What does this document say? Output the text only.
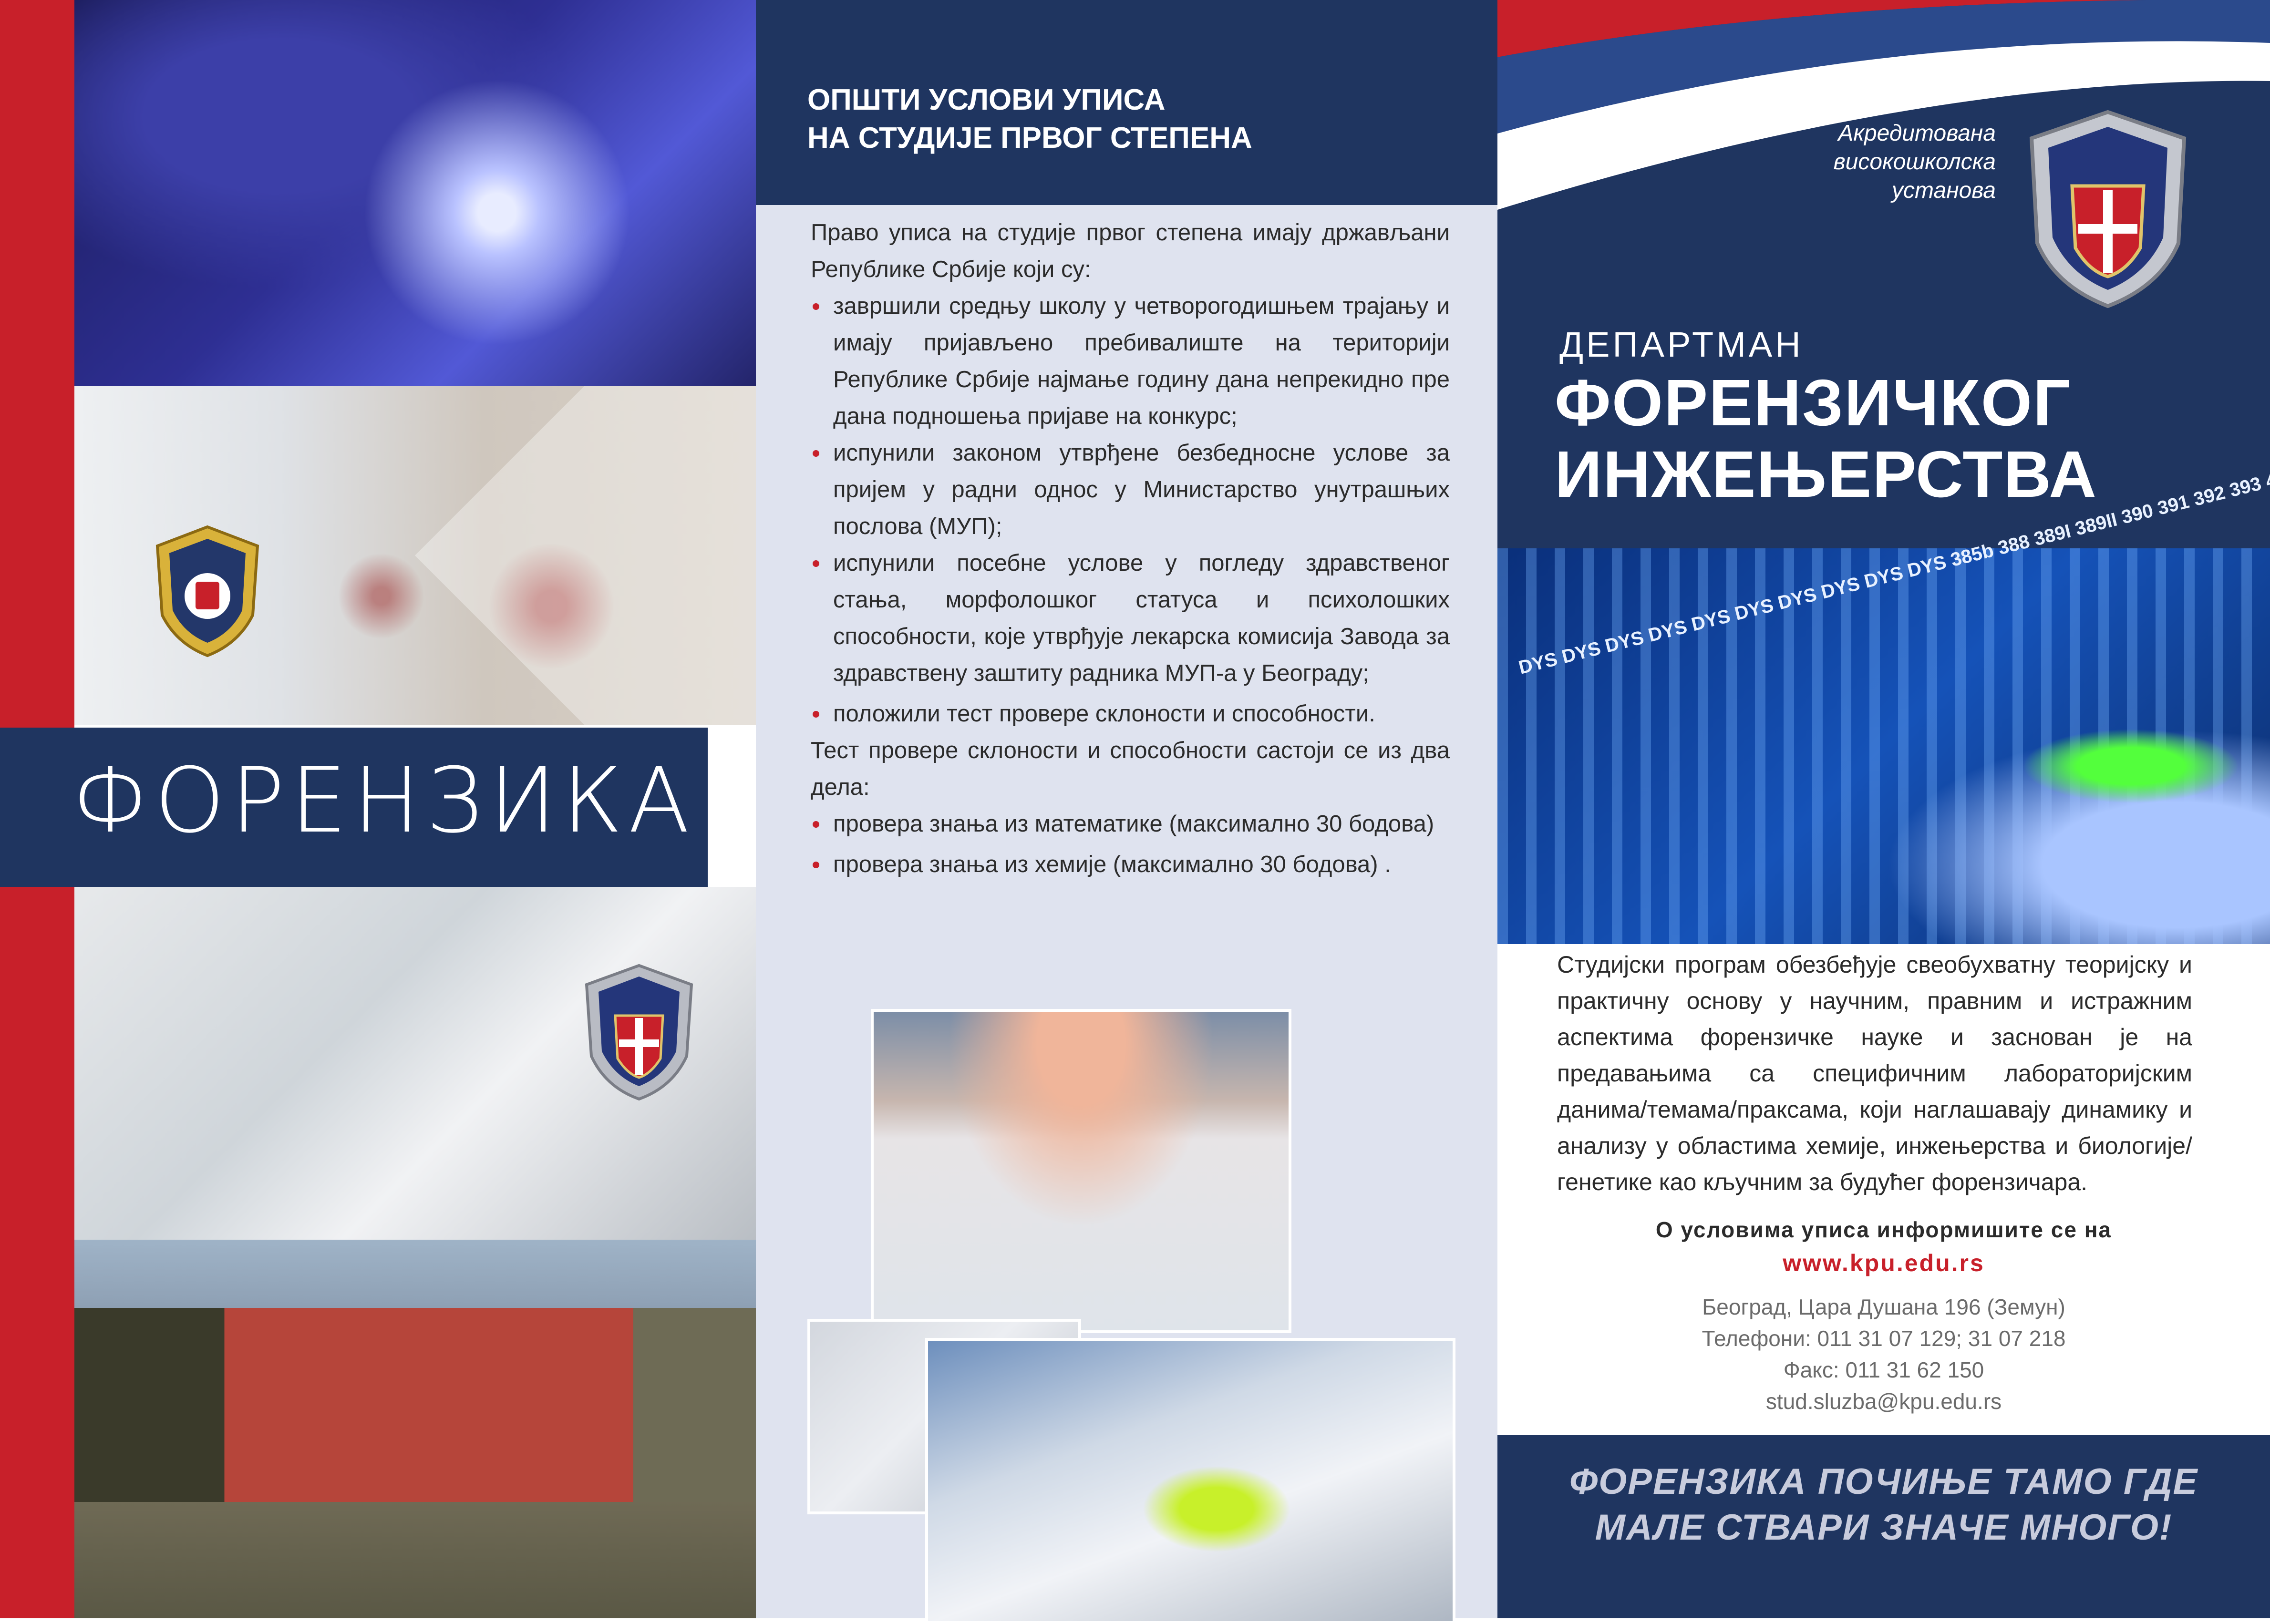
ФОРЕНЗИКА
ОПШТИ УСЛОВИ УПИСА
НА СТУДИЈЕ ПРВОГ СТЕПЕНА

Право уписа на студије првог степена имају држављани Републике Србије који су:

завршили средњу школу у четворогодишњем трајању и имају пријављено пребивалиште на територији Републике Србије најмање годину дана непрекидно пре дана подношења пријаве на конкурс;

испунили законом утврђене безбедносне услове за пријем у радни однос у Министарство унутрашњих послова (МУП);

испунили посебне услове у погледу здравственог стања, морфолошког статуса и психолошких способности, које утврђује лекарска комисија Завода за здравствену заштиту радника МУП-а у Београду;

положили тест провере склоности и способности.

Тест провере склоности и способности састоји се из два дела:

провера знања из математике (максимално 30 бодова)

провера знања из хемије (максимално 30 бодова) .

Акредитована високошколска установа
ДЕПАРТМАН
ФОРЕНЗИЧКОГ
ИНЖЕЊЕРСТВА
Студијски програм обезбеђује свеобухватну теоријску и практичну основу у научним, правним и истражним аспектима форензичке науке и заснован је на предавањима са специфичним лабораторијским данима/темама/праксама, који наглашавају динамику и анализу у областима хемије, инжењерства и биологије/генетике као кључним за будућег форензичара.
О условима уписа информишите се на
www.kpu.edu.rs
Београд, Цара Душана 196 (Земун)
Телефони: 011 31 07 129; 31 07 218
Факс: 011 31 62 150
stud.sluzba@kpu.edu.rs
ФОРЕНЗИКА ПОЧИЊЕ ТАМО ГДЕ
МАЛЕ СТВАРИ ЗНАЧЕ МНОГО!
